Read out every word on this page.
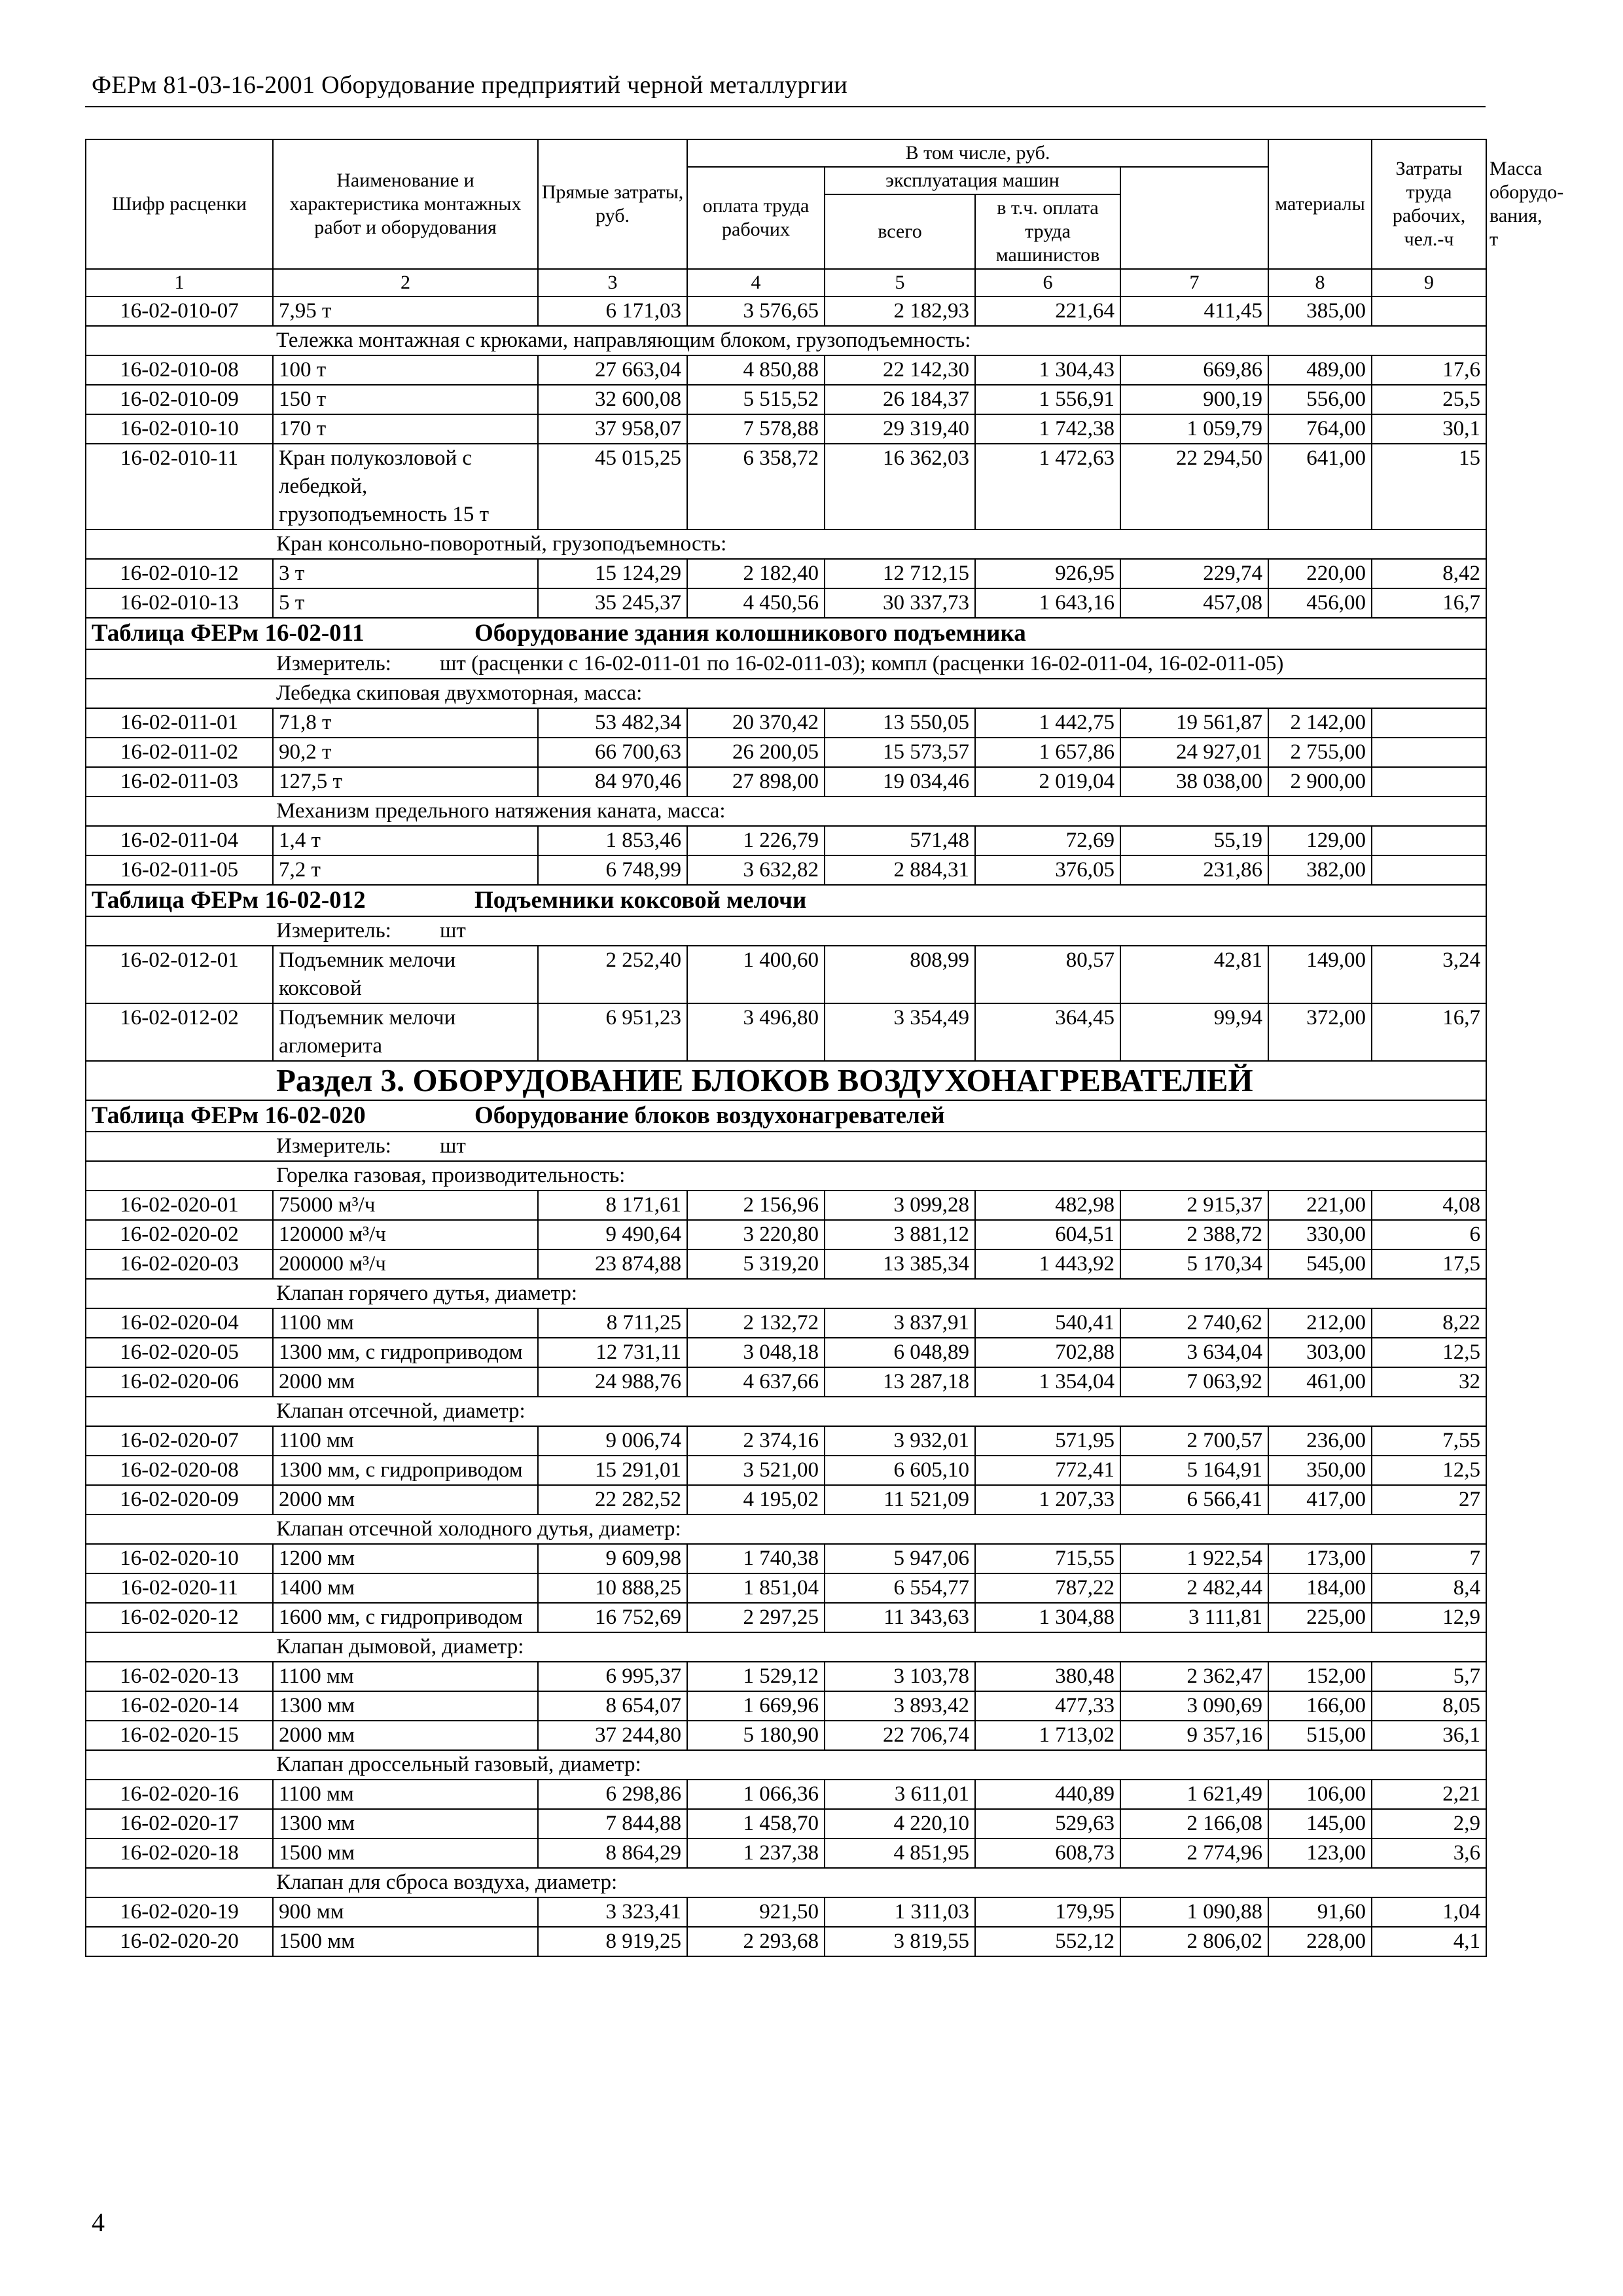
ФЕРм 81-03-16-2001 Оборудование предприятий черной металлургии
Шифр расценки	Наименование и характеристика монтажных работ и оборудования	Прямые затраты, руб.	В том числе, руб.				материалы	Затраты труда рабочих, чел.-ч	Масса оборудо-вания, т
			оплата труда рабочих	эксплуатация машин					
				всего	в т.ч. оплата труда машинистов				
1	2	3	4	5	6	7	8	9	
16-02-010-07	7,95 т	6 171,03	3 576,65	2 182,93	221,64	411,45	385,00		
Тележка монтажная с крюками, направляющим блоком, грузоподъемность:									
16-02-010-08	100 т	27 663,04	4 850,88	22 142,30	1 304,43	669,86	489,00	17,6	
16-02-010-09	150 т	32 600,08	5 515,52	26 184,37	1 556,91	900,19	556,00	25,5	
16-02-010-10	170 т	37 958,07	7 578,88	29 319,40	1 742,38	1 059,79	764,00	30,1	
16-02-010-11	Кран полукозловой с лебедкой, грузоподъемность 15 т	45 015,25	6 358,72	16 362,03	1 472,63	22 294,50	641,00	15	
Кран консольно-поворотный, грузоподъемность:									
16-02-010-12	3 т	15 124,29	2 182,40	12 712,15	926,95	229,74	220,00	8,42	
16-02-010-13	5 т	35 245,37	4 450,56	30 337,73	1 643,16	457,08	456,00	16,7	
Таблица ФЕРм 16-02-011 Оборудование здания колошникового подъемника									
Измеритель: шт (расценки с 16-02-011-01 по 16-02-011-03); компл (расценки 16-02-011-04, 16-02-011-05)									
Лебедка скиповая двухмоторная, масса:									
16-02-011-01	71,8 т	53 482,34	20 370,42	13 550,05	1 442,75	19 561,87	2 142,00		
16-02-011-02	90,2 т	66 700,63	26 200,05	15 573,57	1 657,86	24 927,01	2 755,00		
16-02-011-03	127,5 т	84 970,46	27 898,00	19 034,46	2 019,04	38 038,00	2 900,00		
Механизм предельного натяжения каната, масса:									
16-02-011-04	1,4 т	1 853,46	1 226,79	571,48	72,69	55,19	129,00		
16-02-011-05	7,2 т	6 748,99	3 632,82	2 884,31	376,05	231,86	382,00		
Таблица ФЕРм 16-02-012 Подъемники коксовой мелочи									
Измеритель: шт									
16-02-012-01	Подъемник мелочи коксовой	2 252,40	1 400,60	808,99	80,57	42,81	149,00	3,24	
16-02-012-02	Подъемник мелочи агломерита	6 951,23	3 496,80	3 354,49	364,45	99,94	372,00	16,7	
Раздел 3. ОБОРУДОВАНИЕ БЛОКОВ ВОЗДУХОНАГРЕВАТЕЛЕЙ									
Таблица ФЕРм 16-02-020 Оборудование блоков воздухонагревателей									
Измеритель: шт									
Горелка газовая, производительность:									
16-02-020-01	75000 м³/ч	8 171,61	2 156,96	3 099,28	482,98	2 915,37	221,00	4,08	
16-02-020-02	120000 м³/ч	9 490,64	3 220,80	3 881,12	604,51	2 388,72	330,00	6	
16-02-020-03	200000 м³/ч	23 874,88	5 319,20	13 385,34	1 443,92	5 170,34	545,00	17,5	
Клапан горячего дутья, диаметр:									
16-02-020-04	1100 мм	8 711,25	2 132,72	3 837,91	540,41	2 740,62	212,00	8,22	
16-02-020-05	1300 мм, с гидроприводом	12 731,11	3 048,18	6 048,89	702,88	3 634,04	303,00	12,5	
16-02-020-06	2000 мм	24 988,76	4 637,66	13 287,18	1 354,04	7 063,92	461,00	32	
Клапан отсечной, диаметр:									
16-02-020-07	1100 мм	9 006,74	2 374,16	3 932,01	571,95	2 700,57	236,00	7,55	
16-02-020-08	1300 мм, с гидроприводом	15 291,01	3 521,00	6 605,10	772,41	5 164,91	350,00	12,5	
16-02-020-09	2000 мм	22 282,52	4 195,02	11 521,09	1 207,33	6 566,41	417,00	27	
Клапан отсечной холодного дутья, диаметр:									
16-02-020-10	1200 мм	9 609,98	1 740,38	5 947,06	715,55	1 922,54	173,00	7	
16-02-020-11	1400 мм	10 888,25	1 851,04	6 554,77	787,22	2 482,44	184,00	8,4	
16-02-020-12	1600 мм, с гидроприводом	16 752,69	2 297,25	11 343,63	1 304,88	3 111,81	225,00	12,9	
Клапан дымовой, диаметр:									
16-02-020-13	1100 мм	6 995,37	1 529,12	3 103,78	380,48	2 362,47	152,00	5,7	
16-02-020-14	1300 мм	8 654,07	1 669,96	3 893,42	477,33	3 090,69	166,00	8,05	
16-02-020-15	2000 мм	37 244,80	5 180,90	22 706,74	1 713,02	9 357,16	515,00	36,1	
Клапан дроссельный газовый, диаметр:									
16-02-020-16	1100 мм	6 298,86	1 066,36	3 611,01	440,89	1 621,49	106,00	2,21	
16-02-020-17	1300 мм	7 844,88	1 458,70	4 220,10	529,63	2 166,08	145,00	2,9	
16-02-020-18	1500 мм	8 864,29	1 237,38	4 851,95	608,73	2 774,96	123,00	3,6	
Клапан для сброса воздуха, диаметр:									
16-02-020-19	900 мм	3 323,41	921,50	1 311,03	179,95	1 090,88	91,60	1,04	
16-02-020-20	1500 мм	8 919,25	2 293,68	3 819,55	552,12	2 806,02	228,00	4,1	
4
